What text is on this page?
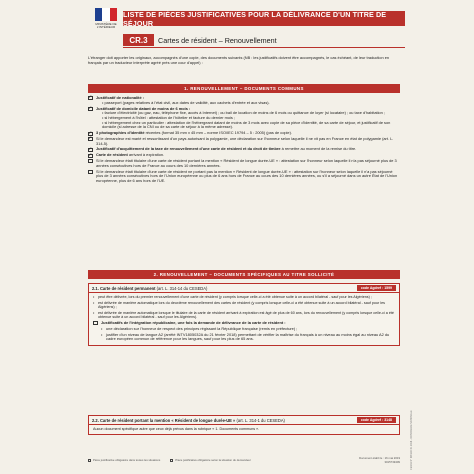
MINISTÈRE DE L'INTÉRIEUR
LISTE DE PIÈCES JUSTIFICATIVES POUR LA DÉLIVRANCE D'UN TITRE DE SÉJOUR
CR.3	Cartes de résident – Renouvellement
L'étranger doit apporter les originaux, accompagnés d'une copie, des documents suivants (NB : les justificatifs doivent être accompagnés, le cas échéant, de leur traduction en français par un traducteur interprète agréé près une cour d'appel) :
1. RENOUVELLEMENT – DOCUMENTS COMMUNS
✓
Justificatif de nationalité :
• passeport (pages relatives à l'état civil, aux dates de validité, aux cachets d'entrée et aux visas).
✓
Justificatif de domicile datant de moins de 6 mois :
• facture d'électricité (ou gaz, eau, téléphone fixe, accès à Internet) ; ou bail de location de moins de 6 mois ou quittance de loyer (si locataire) ; ou taxe d'habitation ;
• si hébergement à l'hôtel : attestation de l'hôtelier et facture du dernier mois ;
• si hébergement chez un particulier : attestation de l'hébergeant datant de moins de 3 mois avec copie de sa pièce d'identité, de sa carte de séjour, et justificatif de son domicile (si adresse de la CNI ou de sa carte de séjour à la même adresse).
✓
3 photographies d'identité récentes (format 35 mm x 45 mm – norme ISO/IEC 19794 – 5 : 2005) (pas de copie).
✓
Si le demandeur est marié et ressortissant d'un pays autorisant la polygamie, une déclaration sur l'honneur selon laquelle il ne vit pas en France en état de polygamie (art. L. 314-5).
✓
Justificatif d'acquittement de la taxe de renouvellement d'une carte de résident et du droit de timbre à remettre au moment de la remise du titre.
✓
Carte de résident arrivant à expiration.
Si le demandeur était titulaire d'une carte de résident portant la mention « Résident de longue durée-UE » : attestation sur l'honneur selon laquelle il n'a pas séjourné plus de 3 années consécutives hors de France au cours des 10 dernières années.
Si le demandeur était titulaire d'une carte de résident ne portant pas la mention « Résident de longue durée-UE » : attestation sur l'honneur selon laquelle il n'a pas séjourné plus de 3 années consécutives hors de l'Union européenne ou plus de 6 ans hors de France au cours des 10 dernières années, ou s'il a séjourné dans un autre État de l'Union européenne, plus de 6 ans hors de l'UE.
2. RENOUVELLEMENT – DOCUMENTS SPÉCIFIQUES AU TITRE SOLLICITÉ
2.1. Carte de résident permanent (art. L. 314-14 du CESEDA)	code Agdref : 1599
•	peut être délivrée, lors du premier renouvellement d'une carte de résident (y compris lorsque celle-ci a été obtenue suite à un accord bilatéral - sauf pour les Algériens) ;
•	est délivrée de manière automatique lors du deuxième renouvellement des cartes de résident (y compris lorsque celle-ci a été obtenue suite à un accord bilatéral - sauf pour les Algériens) ;
•	est délivrée de manière automatique lorsque le titulaire de la carte de résident arrivant à expiration est âgé de plus de 60 ans, lors du renouvellement (y compris lorsque celle-ci a été obtenue suite à un accord bilatéral - sauf pour les Algériens).
Justificatifs de l'intégration républicaine, une fois la demande de délivrance de la carte de résident :
• une déclaration sur l'honneur de respect des principes régissant la République française (remis en préfecture) ;
• justifier d'un niveau de langue A2 (arrêté INTV1805032A du 21 février 2018) permettant de vérifier la maîtrise du français à un niveau au moins égal au niveau A2 du cadre européen commun de référence pour les langues, sauf pour les plus de 65 ans.
2.2. Carte de résident portant la mention « Résident de longue durée-UE » (art. L. 314-1 du CESEDA)	code Agdref : 3148
Aucun document spécifique autre que ceux déjà prévus dans la rubrique « 1. Documents communs ».	CERFA N° 09FEDI 01 2018 - IMPRIMERIE NATIONALE
Pièce justificative obligatoire dans toutes les situations	Pièce justificative obligatoire selon la situation du demandeur	Document établi le : 16 mai 2019
3015739409
